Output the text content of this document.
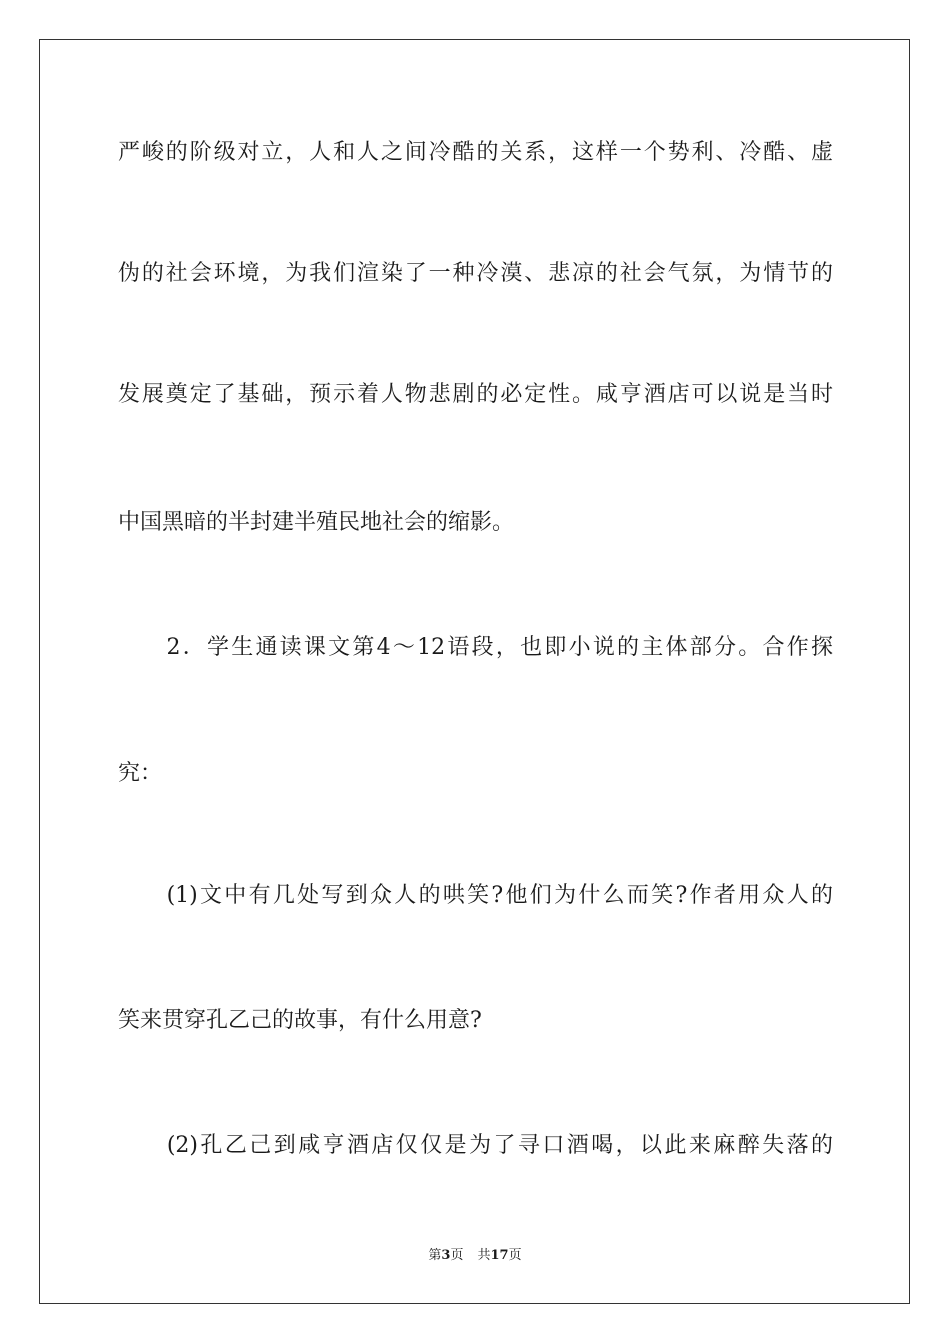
严峻的阶级对立，人和人之间冷酷的关系，这样一个势利、冷酷、虚
伪的社会环境，为我们渲染了一种冷漠、悲凉的社会气氛，为情节的
发展奠定了基础，预示着人物悲剧的必定性。咸亨酒店可以说是当时
中国黑暗的半封建半殖民地社会的缩影。
　　2．学生通读课文第4～12语段，也即小说的主体部分。合作探
究：
　　(1)文中有几处写到众人的哄笑?他们为什么而笑?作者用众人的
笑来贯穿孔乙己的故事，有什么用意?
　　(2)孔乙己到咸亨酒店仅仅是为了寻口酒喝，以此来麻醉失落的
第3页 共17页
